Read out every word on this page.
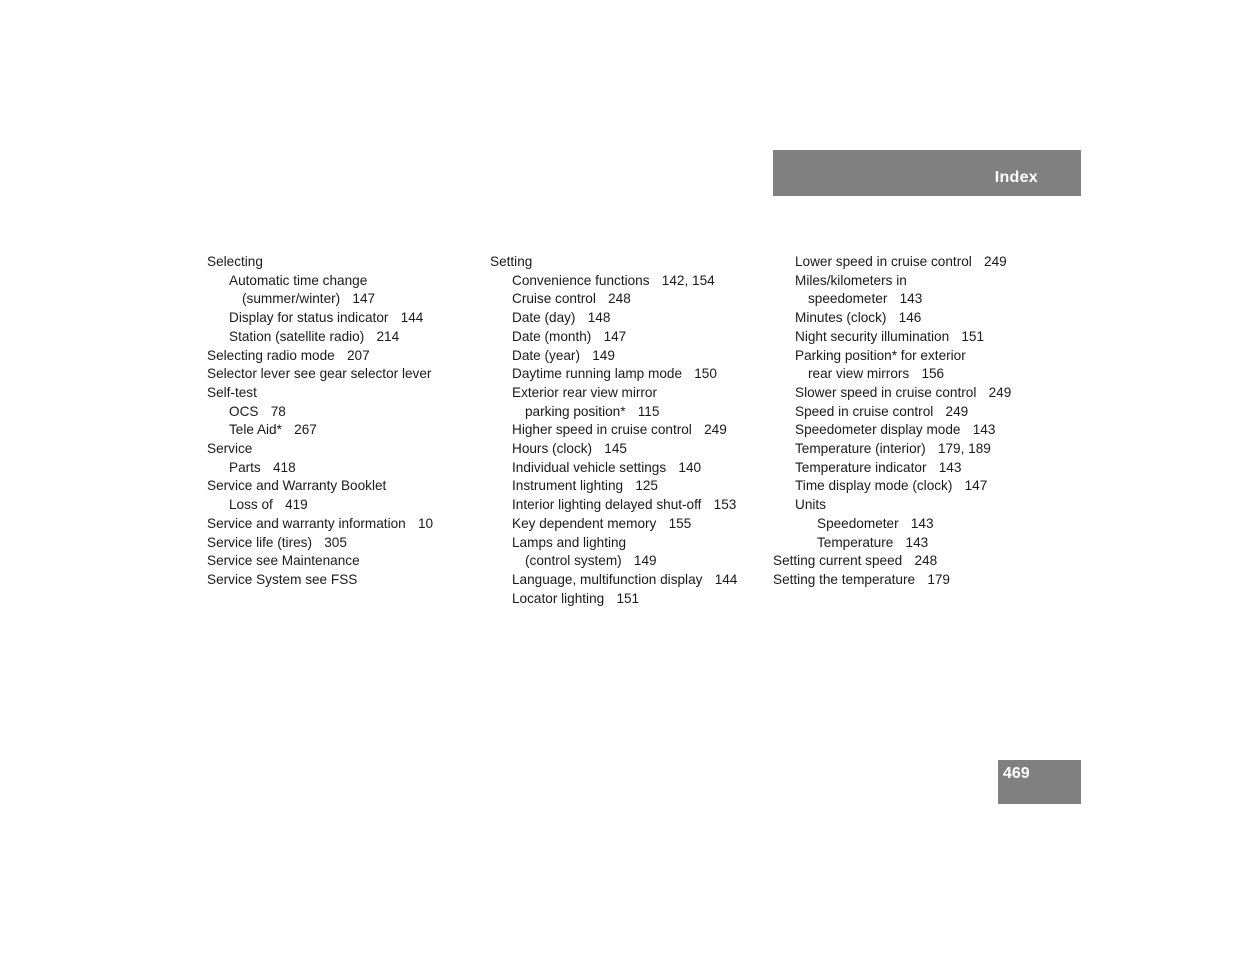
Index
Selecting
Automatic time change
(summer/winter) 147
Display for status indicator 144
Station (satellite radio) 214
Selecting radio mode 207
Selector lever see gear selector lever
Self-test
OCS 78
Tele Aid* 267
Service
Parts 418
Service and Warranty Booklet
Loss of 419
Service and warranty information 10
Service life (tires) 305
Service see Maintenance
Service System see FSS
Setting
Convenience functions 142, 154
Cruise control 248
Date (day) 148
Date (month) 147
Date (year) 149
Daytime running lamp mode 150
Exterior rear view mirror
parking position* 115
Higher speed in cruise control 249
Hours (clock) 145
Individual vehicle settings 140
Instrument lighting 125
Interior lighting delayed shut-off 153
Key dependent memory 155
Lamps and lighting
(control system) 149
Language, multifunction display 144
Locator lighting 151
Lower speed in cruise control 249
Miles/kilometers in
speedometer 143
Minutes (clock) 146
Night security illumination 151
Parking position* for exterior
rear view mirrors 156
Slower speed in cruise control 249
Speed in cruise control 249
Speedometer display mode 143
Temperature (interior) 179, 189
Temperature indicator 143
Time display mode (clock) 147
Units
Speedometer 143
Temperature 143
Setting current speed 248
Setting the temperature 179
469
